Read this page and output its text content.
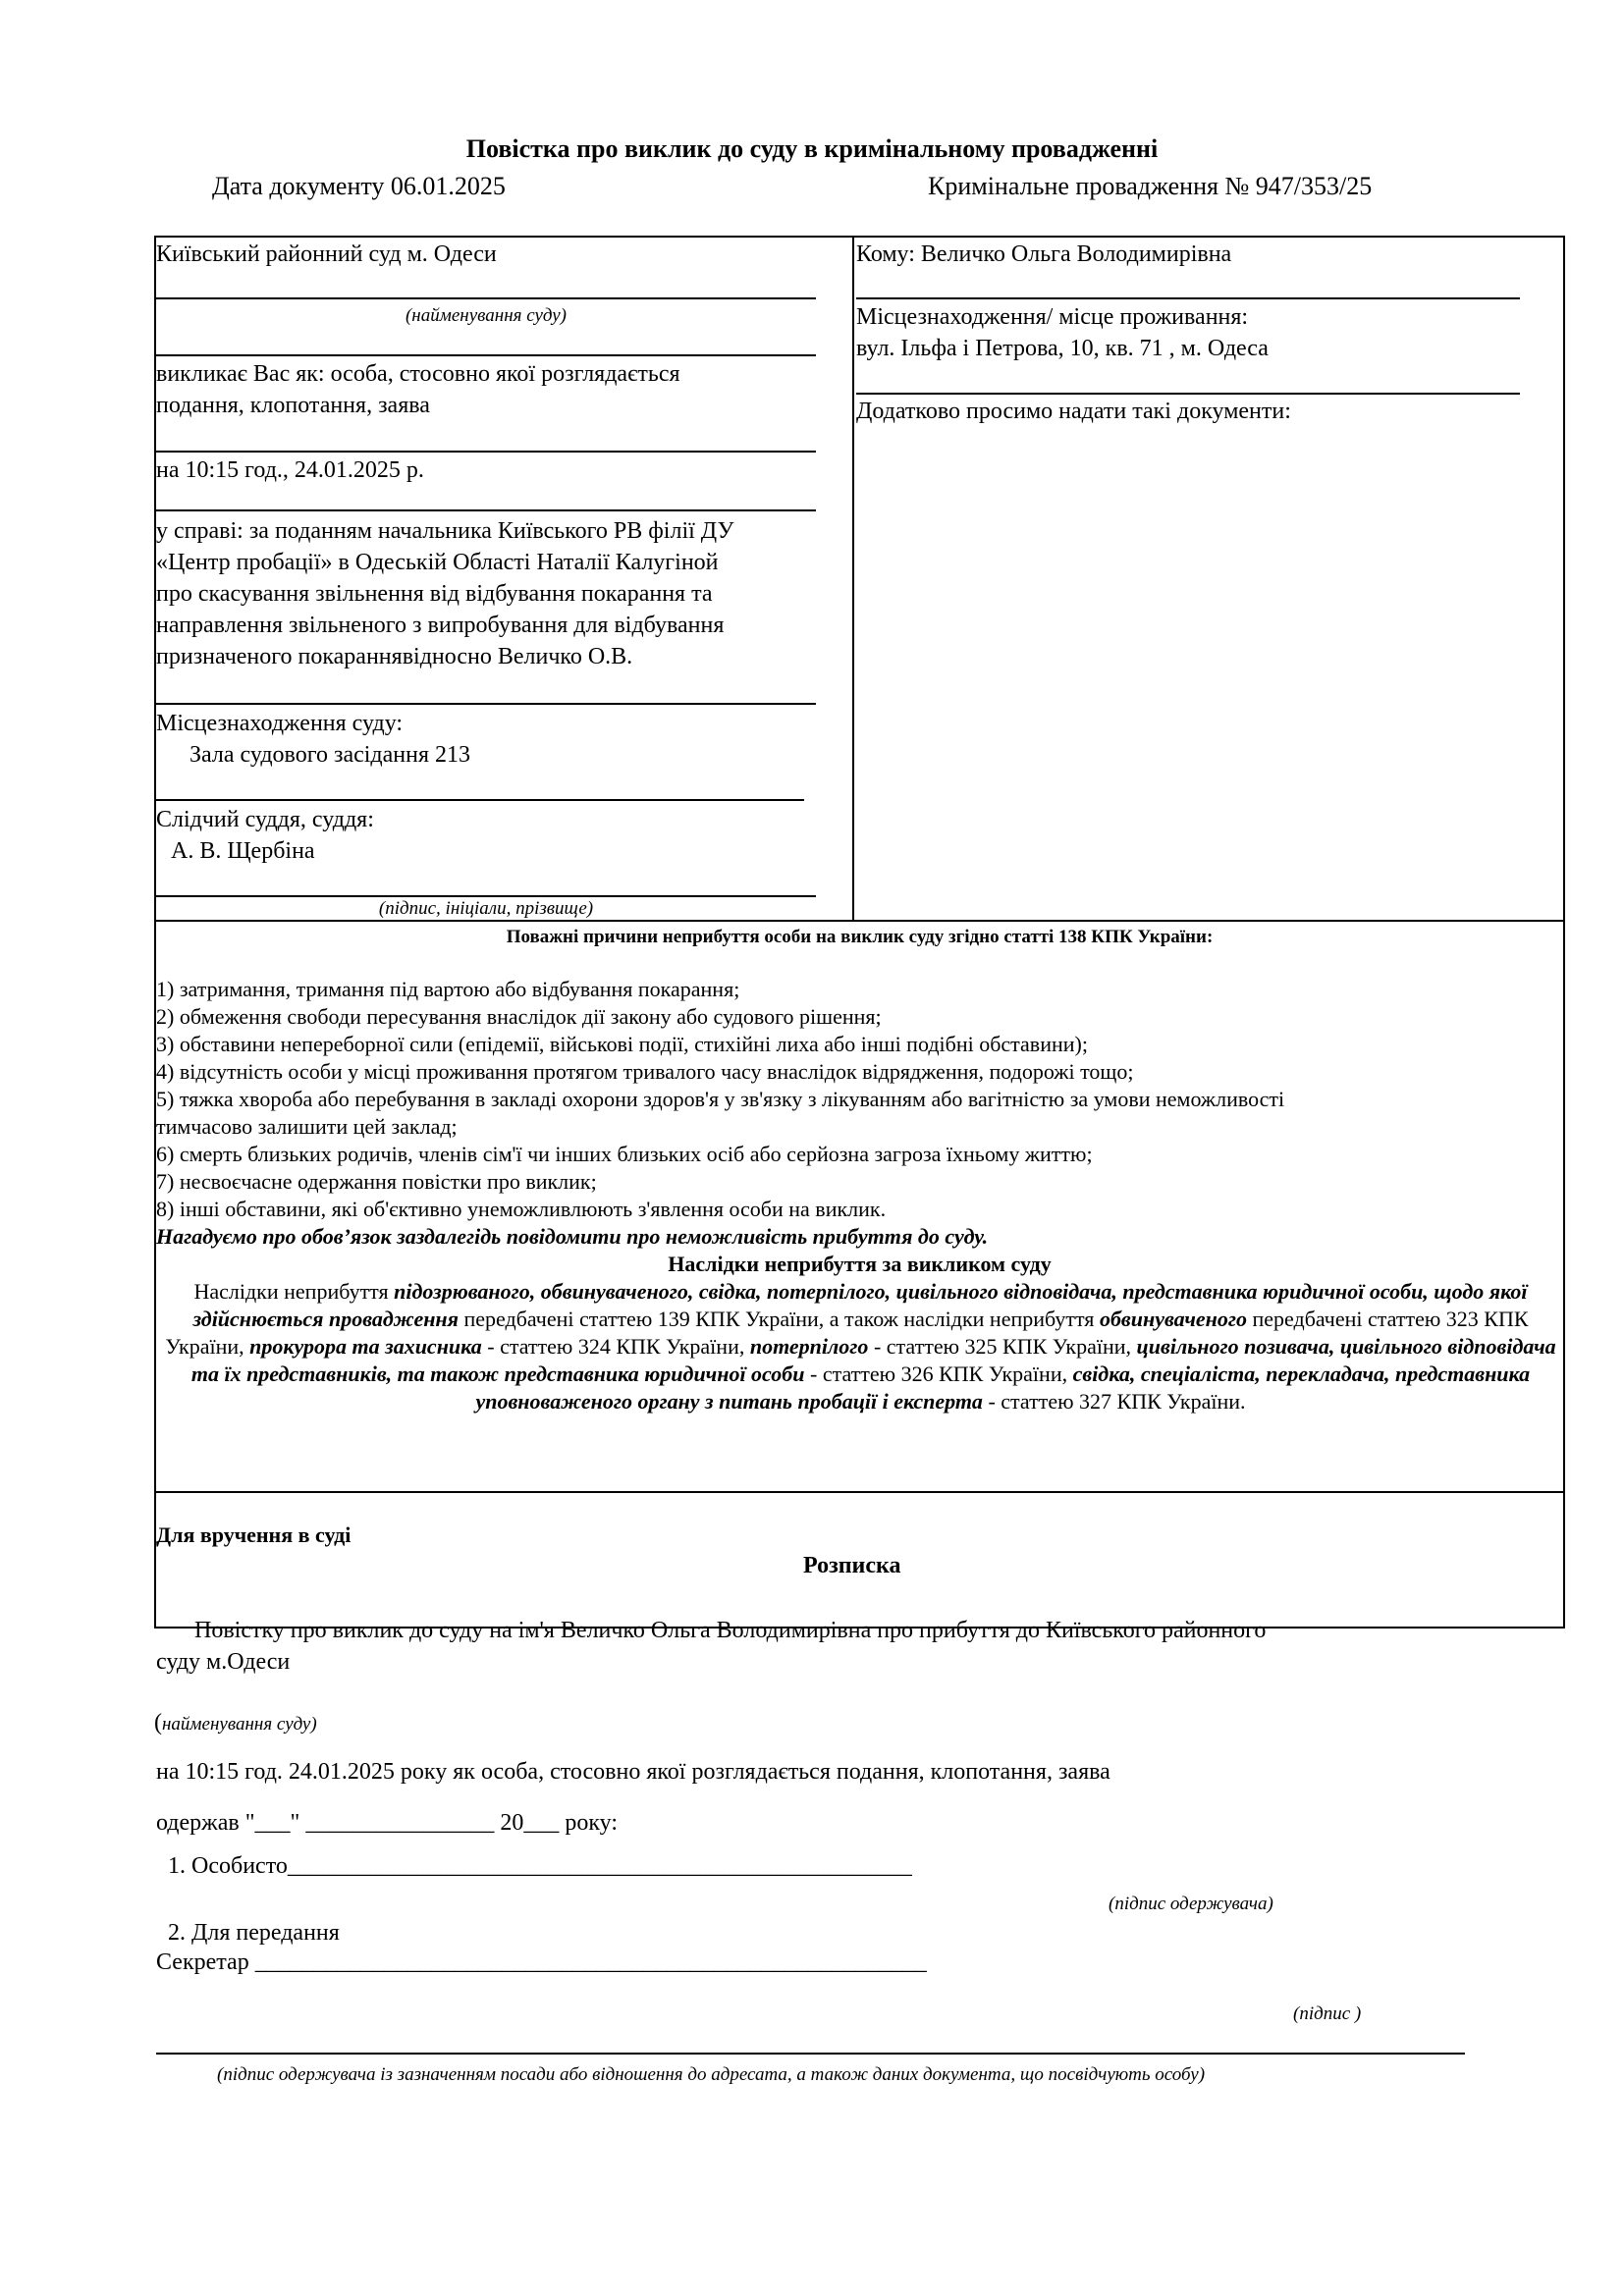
Повістка про виклик до суду в кримінальному провадженні
Дата документу 06.01.2025	Кримінальне провадження № 947/353/25
Київський районний суд м. Одеси
(найменування суду)
викликає Вас як: особа, стосовно якої розглядається
подання, клопотання, заява
на 10:15 год., 24.01.2025 р.
у справі: за поданням начальника Київського РВ філії ДУ
«Центр пробації» в Одеській Області Наталії Калугіной
про скасування звільнення від відбування покарання та
направлення звільненого з випробування для відбування
призначеного покараннявідносно Величко О.В.
Місцезнаходження суду:
Зала судового засідання 213
Слідчий суддя, суддя:
А. В. Щербіна
(підпис, ініціали, прізвище)
Кому: Величко Ольга Володимирівна
Місцезнаходження/ місце проживання:
вул. Ільфа і Петрова, 10, кв. 71 , м. Одеса
Додатково просимо надати такі документи:
Поважні причини неприбуття особи на виклик суду згідно статті 138 КПК України:
1) затримання, тримання під вартою або відбування покарання;
2) обмеження свободи пересування внаслідок дії закону або судового рішення;
3) обставини непереборної сили (епідемії, військові події, стихійні лиха або інші подібні обставини);
4) відсутність особи у місці проживання протягом тривалого часу внаслідок відрядження, подорожі тощо;
5) тяжка хвороба або перебування в закладі охорони здоров'я у зв'язку з лікуванням або вагітністю за умови неможливості
тимчасово залишити цей заклад;
6) смерть близьких родичів, членів сім'ї чи інших близьких осіб або серйозна загроза їхньому життю;
7) несвоєчасне одержання повістки про виклик;
8) інші обставини, які об'єктивно унеможливлюють з'явлення особи на виклик.
Нагадуємо про обов’язок заздалегідь повідомити про неможливість прибуття до суду.
Наслідки неприбуття за викликом суду
Наслідки неприбуття підозрюваного, обвинуваченого, свідка, потерпілого, цивільного відповідача, представника юридичної особи, щодо якої здійснюється провадження передбачені статтею 139 КПК України, а також наслідки неприбуття обвинуваченого передбачені статтею 323 КПК України, прокурора та захисника - статтею 324 КПК України, потерпілого - статтею 325 КПК України, цивільного позивача, цивільного відповідача та їх представників, та також представника юридичної особи - статтею 326 КПК України, свідка, спеціаліста, перекладача, представника уповноваженого органу з питань пробації і експерта - статтею 327 КПК України.
Для вручення в суді
Розписка
Повістку про виклик до суду на ім'я Величко Ольга Володимирівна про прибуття до Київського районного
суду м.Одеси
(найменування суду)
на 10:15 год. 24.01.2025 року як особа, стосовно якої розглядається подання, клопотання, заява
одержав "___" ________________ 20___ року:
1. Особисто_____________________________________________________
(підпис одержувача)
2. Для передання
Секретар _________________________________________________________
(підпис )
(підпис одержувача із зазначенням посади або відношення до адресата, а також даних документа, що посвідчують особу)
